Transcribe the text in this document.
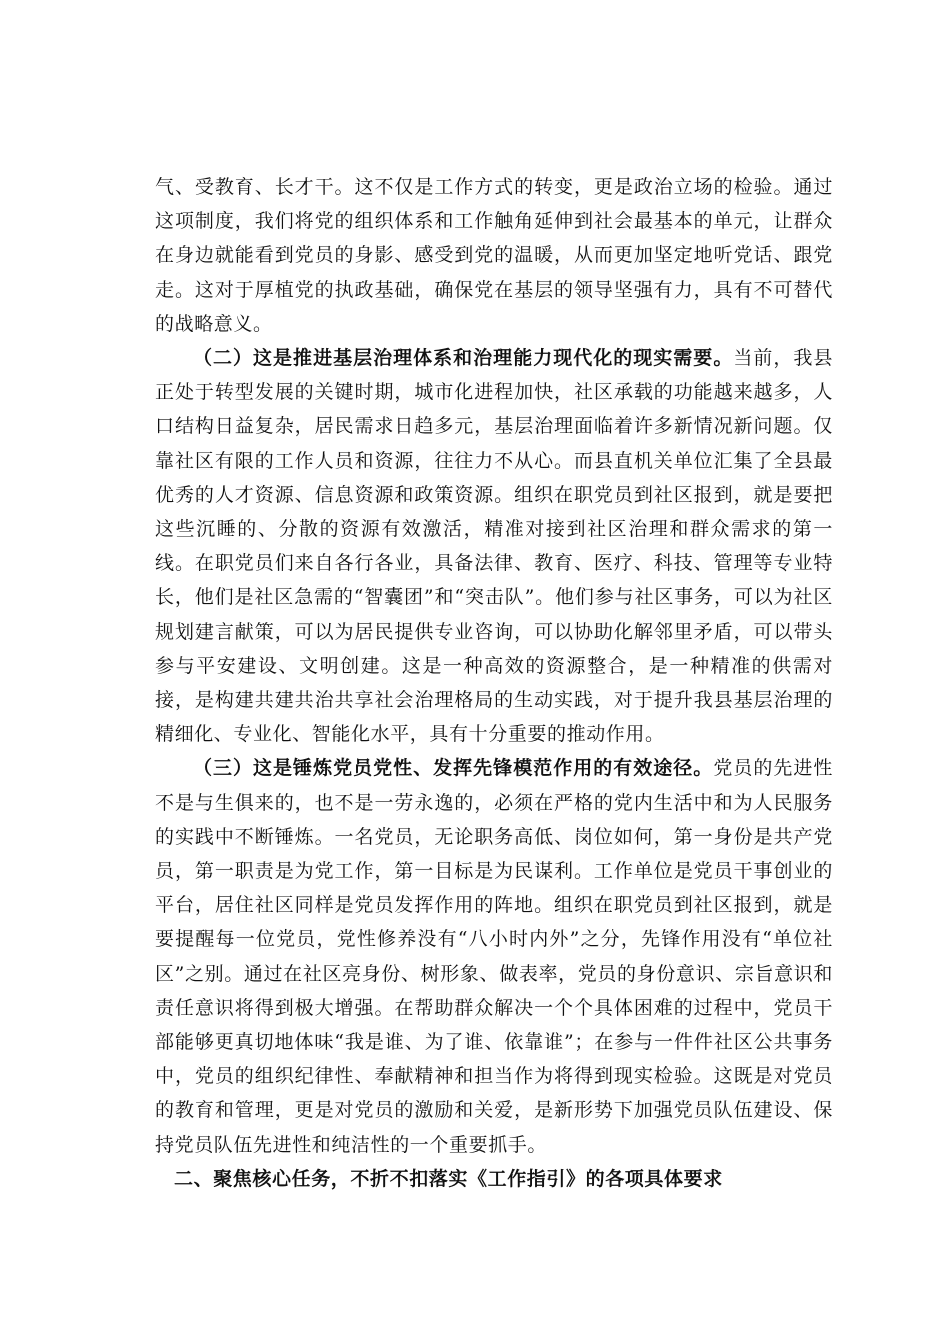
气、受教育、长才干。这不仅是工作方式的转变，更是政治立场的检验。通过这项制度，我们将党的组织体系和工作触角延伸到社会最基本的单元，让群众在身边就能看到党员的身影、感受到党的温暖，从而更加坚定地听党话、跟党走。这对于厚植党的执政基础，确保党在基层的领导坚强有力，具有不可替代的战略意义。

（二）这是推进基层治理体系和治理能力现代化的现实需要。当前，我县正处于转型发展的关键时期，城市化进程加快，社区承载的功能越来越多，人口结构日益复杂，居民需求日趋多元，基层治理面临着许多新情况新问题。仅靠社区有限的工作人员和资源，往往力不从心。而县直机关单位汇集了全县最优秀的人才资源、信息资源和政策资源。组织在职党员到社区报到，就是要把这些沉睡的、分散的资源有效激活，精准对接到社区治理和群众需求的第一线。在职党员们来自各行各业，具备法律、教育、医疗、科技、管理等专业特长，他们是社区急需的“智囊团”和“突击队”。他们参与社区事务，可以为社区规划建言献策，可以为居民提供专业咨询，可以协助化解邻里矛盾，可以带头参与平安建设、文明创建。这是一种高效的资源整合，是一种精准的供需对接，是构建共建共治共享社会治理格局的生动实践，对于提升我县基层治理的精细化、专业化、智能化水平，具有十分重要的推动作用。

（三）这是锤炼党员党性、发挥先锋模范作用的有效途径。党员的先进性不是与生俱来的，也不是一劳永逸的，必须在严格的党内生活中和为人民服务的实践中不断锤炼。一名党员，无论职务高低、岗位如何，第一身份是共产党员，第一职责是为党工作，第一目标是为民谋利。工作单位是党员干事创业的平台，居住社区同样是党员发挥作用的阵地。组织在职党员到社区报到，就是要提醒每一位党员，党性修养没有“八小时内外”之分，先锋作用没有“单位社区”之别。通过在社区亮身份、树形象、做表率，党员的身份意识、宗旨意识和责任意识将得到极大增强。在帮助群众解决一个个具体困难的过程中，党员干部能够更真切地体味“我是谁、为了谁、依靠谁”；在参与一件件社区公共事务中，党员的组织纪律性、奉献精神和担当作为将得到现实检验。这既是对党员的教育和管理，更是对党员的激励和关爱，是新形势下加强党员队伍建设、保持党员队伍先进性和纯洁性的一个重要抓手。

二、聚焦核心任务，不折不扣落实《工作指引》的各项具体要求
